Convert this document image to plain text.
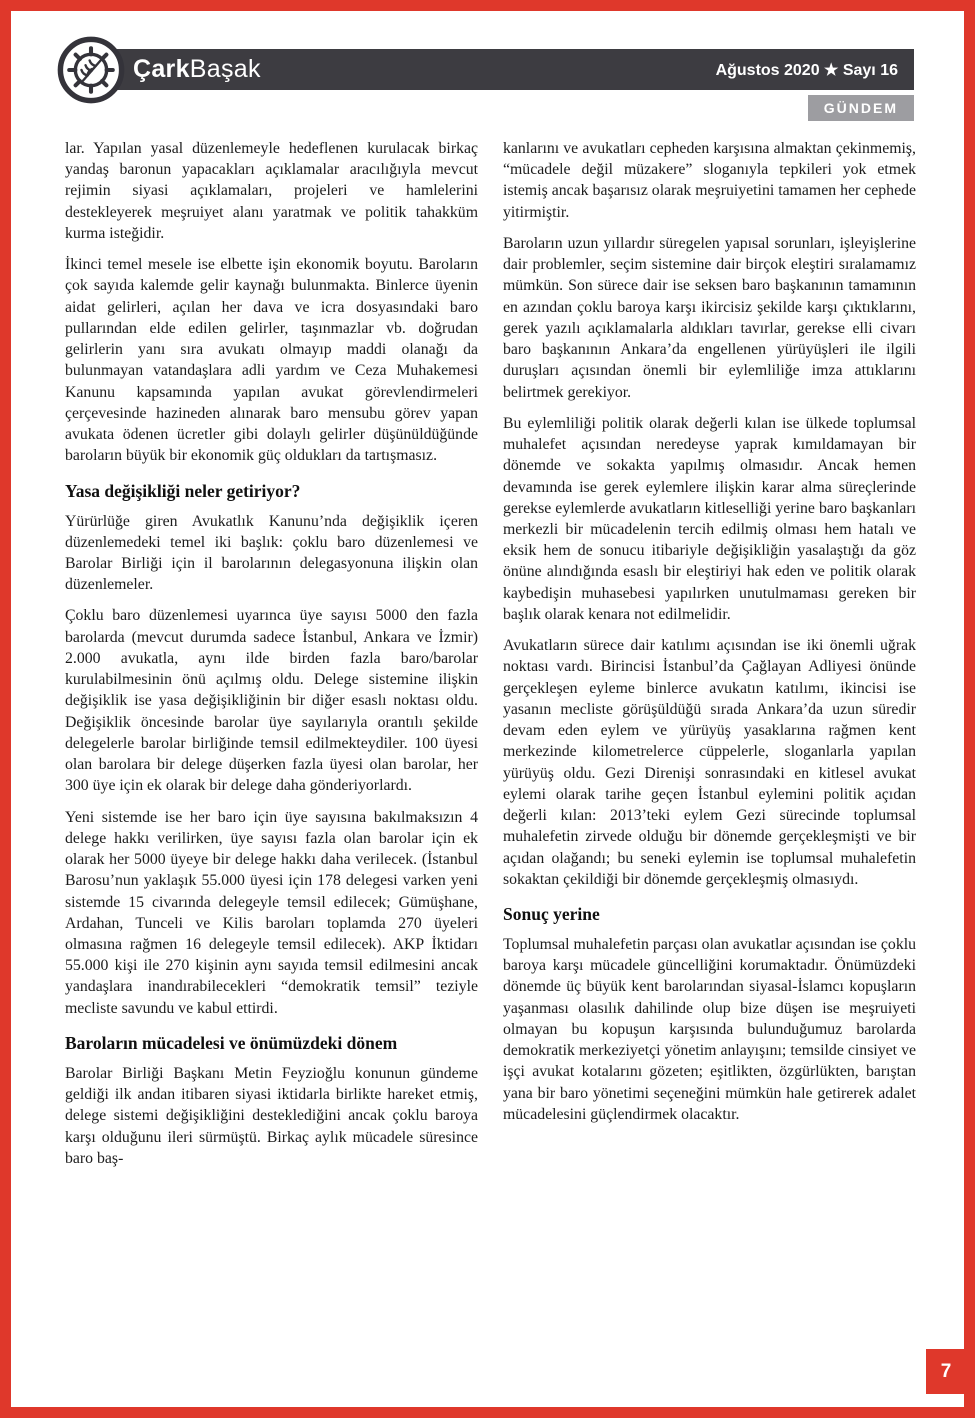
ÇarkBaşak	Ağustos 2020 ★ Sayı 16
GÜNDEM

lar. Yapılan yasal düzenlemeyle hedeflenen kurulacak birkaç yandaş baronun yapacakları açıklamalar aracılığıyla mevcut rejimin siyasi açıklamaları, projeleri ve hamlelerini destekleyerek meşruiyet alanı yaratmak ve politik tahakküm kurma isteğidir.

İkinci temel mesele ise elbette işin ekonomik boyutu. Baroların çok sayıda kalemde gelir kaynağı bulunmakta. Binlerce üyenin aidat gelirleri, açılan her dava ve icra dosyasındaki baro pullarından elde edilen gelirler, taşınmazlar vb. doğrudan gelirlerin yanı sıra avukatı olmayıp maddi olanağı da bulunmayan vatandaşlara adli yardım ve Ceza Muhakemesi Kanunu kapsamında yapılan avukat görevlendirmeleri çerçevesinde hazineden alınarak baro mensubu görev yapan avukata ödenen ücretler gibi dolaylı gelirler düşünüldüğünde baroların büyük bir ekonomik güç oldukları da tartışmasız.

Yasa değişikliği neler getiriyor?

Yürürlüğe giren Avukatlık Kanunu’nda değişiklik içeren düzenlemedeki temel iki başlık: çoklu baro düzenlemesi ve Barolar Birliği için il barolarının delegasyonuna ilişkin olan düzenlemeler.

Çoklu baro düzenlemesi uyarınca üye sayısı 5000 den fazla barolarda (mevcut durumda sadece İstanbul, Ankara ve İzmir) 2.000 avukatla, aynı ilde birden fazla baro/barolar kurulabilmesinin önü açılmış oldu. Delege sistemine ilişkin değişiklik ise yasa değişikliğinin bir diğer esaslı noktası oldu. Değişiklik öncesinde barolar üye sayılarıyla orantılı şekilde delegelerle barolar birliğinde temsil edilmekteydiler. 100 üyesi olan barolara bir delege düşerken fazla üyesi olan barolar, her 300 üye için ek olarak bir delege daha gönderiyorlardı.

Yeni sistemde ise her baro için üye sayısına bakılmaksızın 4 delege hakkı verilirken, üye sayısı fazla olan barolar için ek olarak her 5000 üyeye bir delege hakkı daha verilecek. (İstanbul Barosu’nun yaklaşık 55.000 üyesi için 178 delegesi varken yeni sistemde 15 civarında delegeyle temsil edilecek; Gümüşhane, Ardahan, Tunceli ve Kilis baroları toplamda 270 üyeleri olmasına rağmen 16 delegeyle temsil edilecek). AKP İktidarı 55.000 kişi ile 270 kişinin aynı sayıda temsil edilmesini ancak yandaşlara inandırabilecekleri “demokratik temsil” teziyle mecliste savundu ve kabul ettirdi.

Baroların mücadelesi ve önümüzdeki dönem

Barolar Birliği Başkanı Metin Feyzioğlu konunun gündeme geldiği ilk andan itibaren siyasi iktidarla birlikte hareket etmiş, delege sistemi değişikliğini desteklediğini ancak çoklu baroya karşı olduğunu ileri sürmüştü. Birkaç aylık mücadele süresince baro baş-

kanlarını ve avukatları cepheden karşısına almaktan çekinmemiş, “mücadele değil müzakere” sloganıyla tepkileri yok etmek istemiş ancak başarısız olarak meşruiyetini tamamen her cephede yitirmiştir.

Baroların uzun yıllardır süregelen yapısal sorunları, işleyişlerine dair problemler, seçim sistemine dair birçok eleştiri sıralamamız mümkün. Son sürece dair ise seksen baro başkanının tamamının en azından çoklu baroya karşı ikircisiz şekilde karşı çıktıklarını, gerek yazılı açıklamalarla aldıkları tavırlar, gerekse elli civarı baro başkanının Ankara’da engellenen yürüyüşleri ile ilgili duruşları açısından önemli bir eylemliliğe imza attıklarını belirtmek gerekiyor.

Bu eylemliliği politik olarak değerli kılan ise ülkede toplumsal muhalefet açısından neredeyse yaprak kımıldamayan bir dönemde ve sokakta yapılmış olmasıdır. Ancak hemen devamında ise gerek eylemlere ilişkin karar alma süreçlerinde gerekse eylemlerde avukatların kitleselliği yerine baro başkanları merkezli bir mücadelenin tercih edilmiş olması hem hatalı ve eksik hem de sonucu itibariyle değişikliğin yasalaştığı da göz önüne alındığında esaslı bir eleştiriyi hak eden ve politik olarak kaybedişin muhasebesi yapılırken unutulmaması gereken bir başlık olarak kenara not edilmelidir.

Avukatların sürece dair katılımı açısından ise iki önemli uğrak noktası vardı. Birincisi İstanbul’da Çağlayan Adliyesi önünde gerçekleşen eyleme binlerce avukatın katılımı, ikincisi ise yasanın mecliste görüşüldüğü sırada Ankara’da uzun süredir devam eden eylem ve yürüyüş yasaklarına rağmen kent merkezinde kilometrelerce cüppelerle, sloganlarla yapılan yürüyüş oldu. Gezi Direnişi sonrasındaki en kitlesel avukat eylemi olarak tarihe geçen İstanbul eylemini politik açıdan değerli kılan: 2013’teki eylem Gezi sürecinde toplumsal muhalefetin zirvede olduğu bir dönemde gerçekleşmişti ve bir açıdan olağandı; bu seneki eylemin ise toplumsal muhalefetin sokaktan çekildiği bir dönemde gerçekleşmiş olmasıydı.

Sonuç yerine

Toplumsal muhalefetin parçası olan avukatlar açısından ise çoklu baroya karşı mücadele güncelliğini korumaktadır. Önümüzdeki dönemde üç büyük kent barolarından siyasal-İslamcı kopuşların yaşanması olasılık dahilinde olup bize düşen ise meşruiyeti olmayan bu kopuşun karşısında bulunduğumuz barolarda demokratik merkeziyetçi yönetim anlayışını; temsilde cinsiyet ve işçi avukat kotalarını gözeten; eşitlikten, özgürlükten, barıştan yana bir baro yönetimi seçeneğini mümkün hale getirerek adalet mücadelesini güçlendirmek olacaktır.

7
